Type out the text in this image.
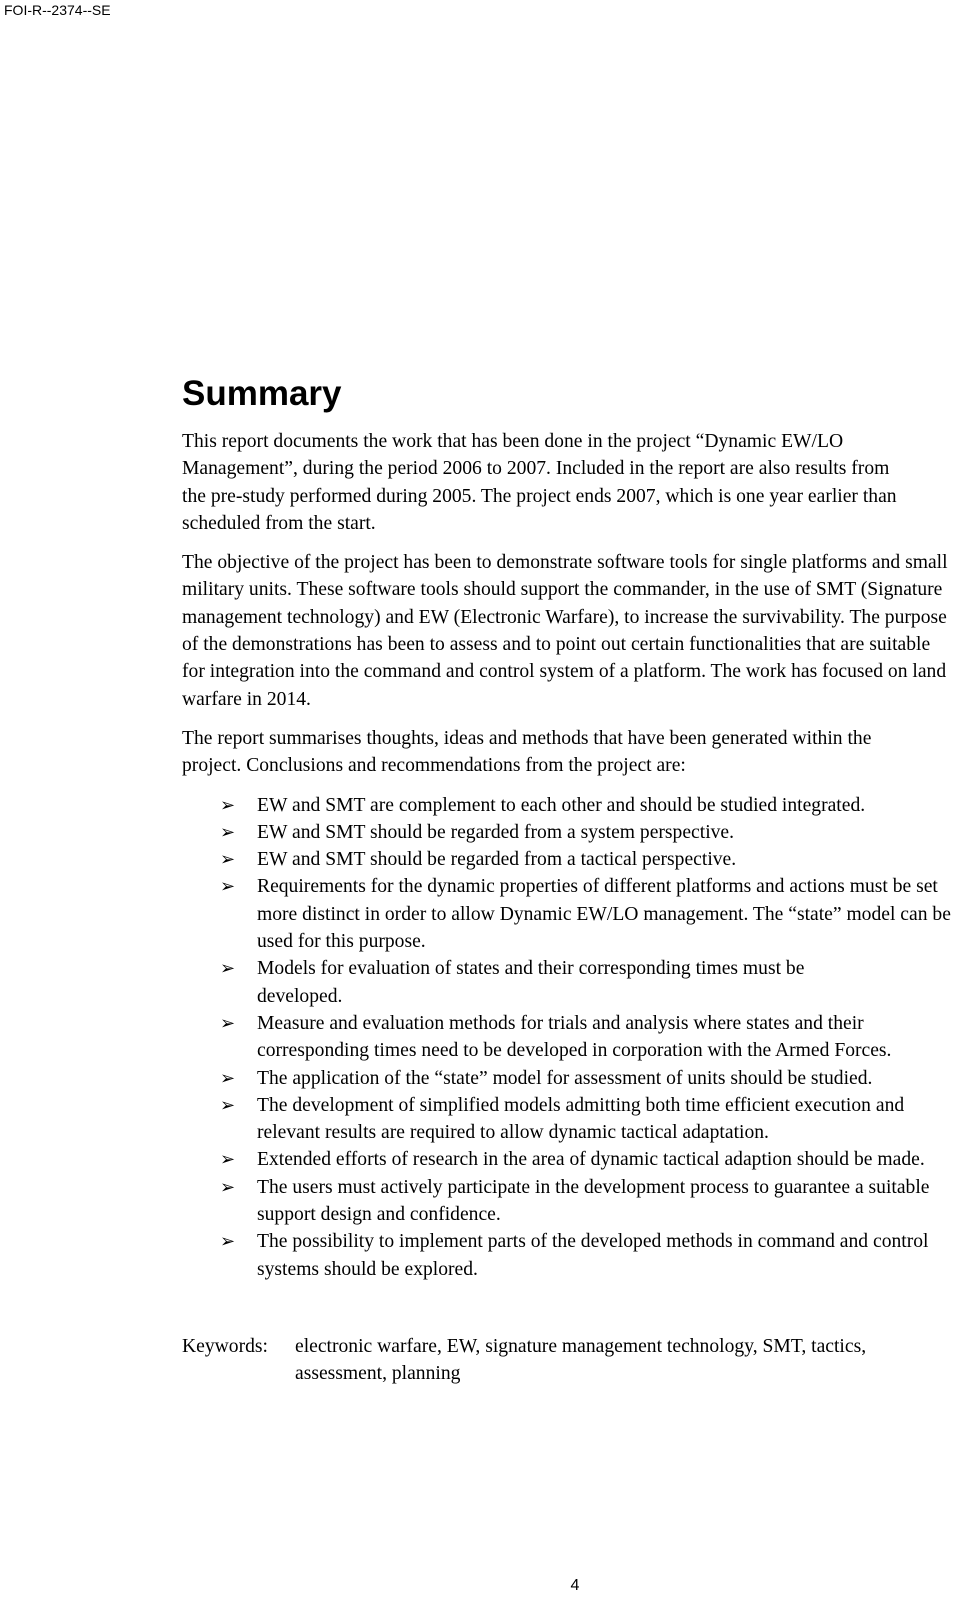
FOI-R--2374--SE
Summary

This report documents the work that has been done in the project “Dynamic EW/LO Management”, during the period 2006 to 2007. Included in the report are also results from the pre-study performed during 2005. The project ends 2007, which is one year earlier than scheduled from the start.

The objective of the project has been to demonstrate software tools for single platforms and small military units. These software tools should support the commander, in the use of SMT (Signature management technology) and EW (Electronic Warfare), to increase the survivability. The purpose of the demonstrations has been to assess and to point out certain functionalities that are suitable for integration into the command and control system of a platform. The work has focused on land warfare in 2014.

The report summarises thoughts, ideas and methods that have been generated within the project. Conclusions and recommendations from the project are:

➢	EW and SMT are complement to each other and should be studied integrated.
➢	EW and SMT should be regarded from a system perspective.
➢	EW and SMT should be regarded from a tactical perspective.
➢	Requirements for the dynamic properties of different platforms and actions must be set more distinct in order to allow Dynamic EW/LO management. The “state” model can be used for this purpose.
➢	Models for evaluation of states and their corresponding times must be developed.
➢	Measure and evaluation methods for trials and analysis where states and their corresponding times need to be developed in corporation with the Armed Forces.
➢	The application of the “state” model for assessment of units should be studied.
➢	The development of simplified models admitting both time efficient execution and relevant results are required to allow dynamic tactical adaptation.
➢	Extended efforts of research in the area of dynamic tactical adaption should be made.
➢	The users must actively participate in the development process to guarantee a suitable support design and confidence.
➢	The possibility to implement parts of the developed methods in command and control systems should be explored.
Keywords: electronic warfare, EW, signature management technology, SMT, tactics, assessment, planning
4
